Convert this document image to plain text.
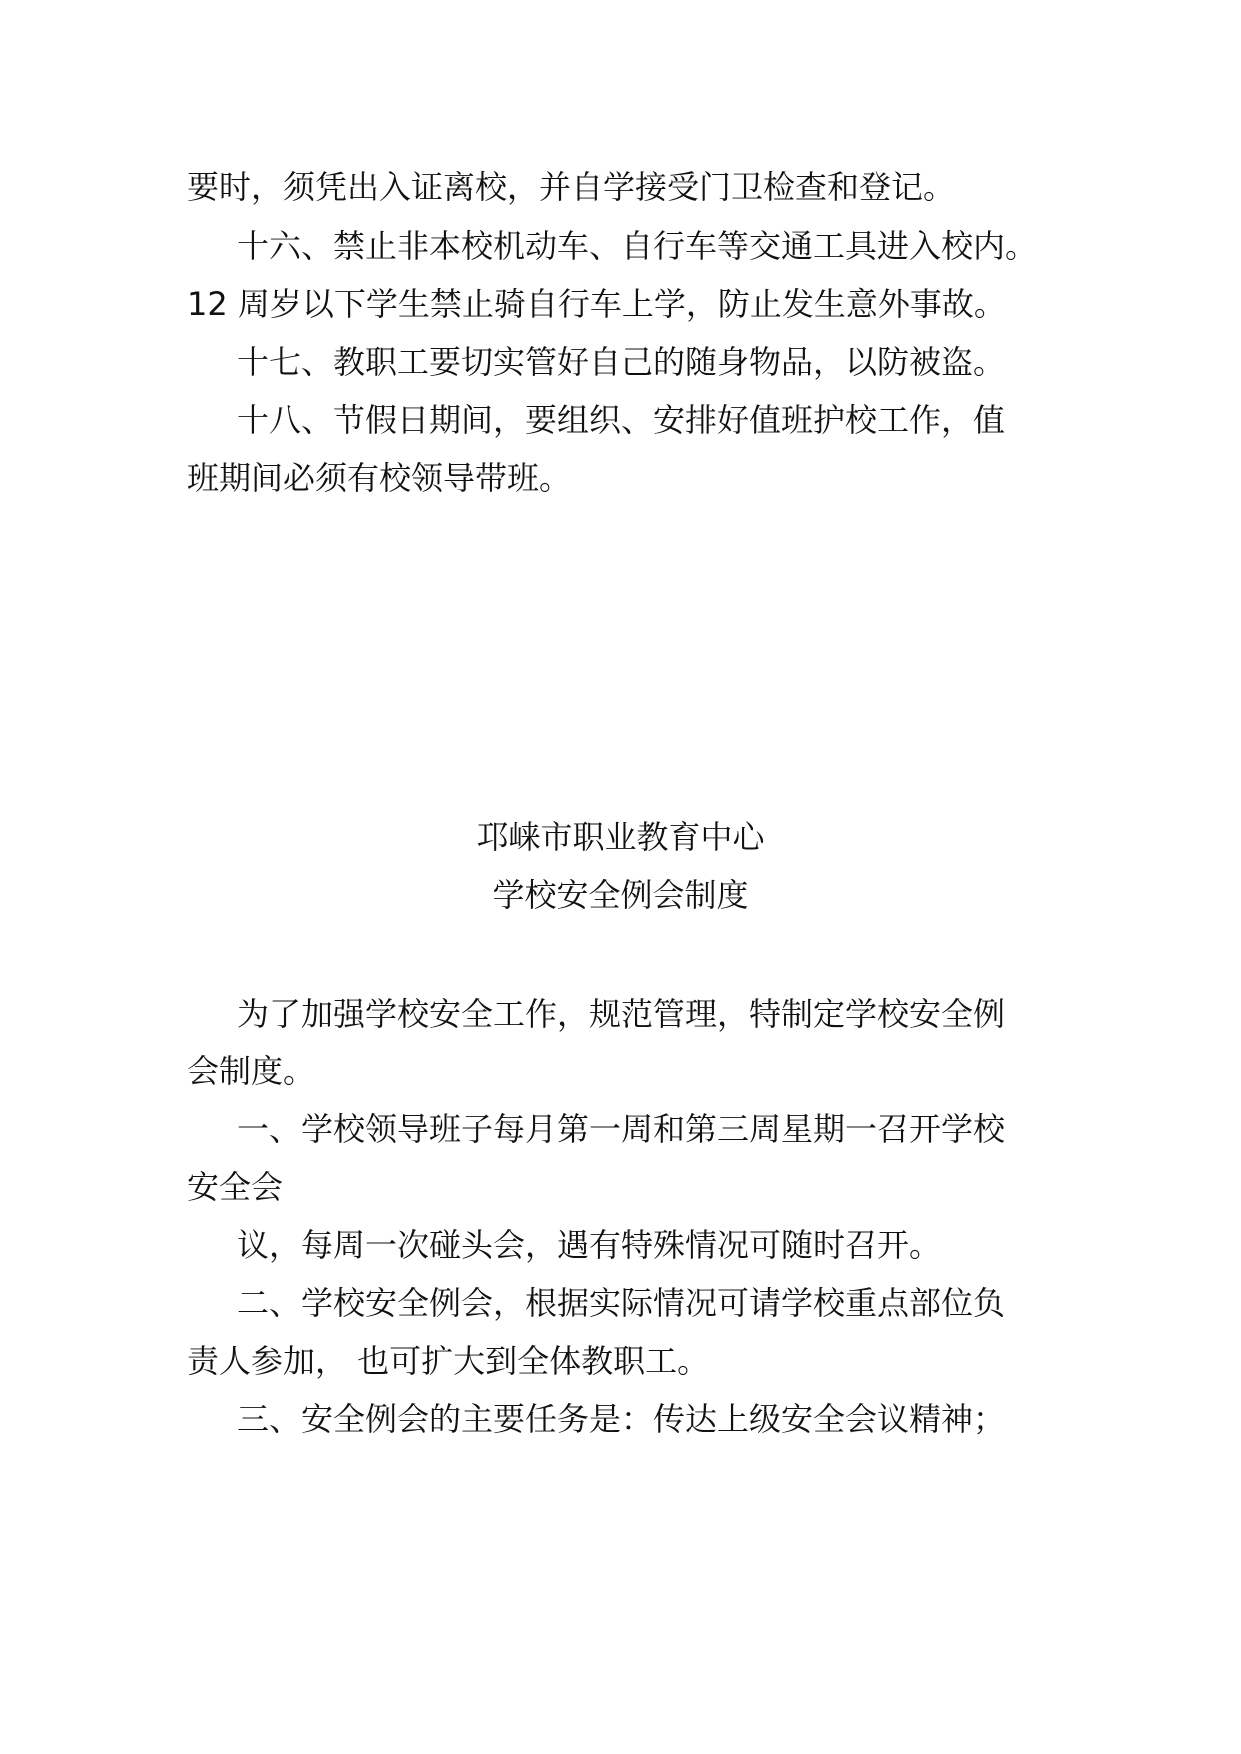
要时，须凭出入证离校，并自学接受门卫检查和登记。
十六、禁止非本校机动车、自行车等交通工具进入校内。
12 周岁以下学生禁止骑自行车上学，防止发生意外事故。
十七、教职工要切实管好自己的随身物品，以防被盗。
十八、节假日期间，要组织、安排好值班护校工作，值
班期间必须有校领导带班。
邛崃市职业教育中心
学校安全例会制度
为了加强学校安全工作，规范管理，特制定学校安全例
会制度。
一、学校领导班子每月第一周和第三周星期一召开学校
安全会
议，每周一次碰头会，遇有特殊情况可随时召开。
二、学校安全例会，根据实际情况可请学校重点部位负
责人参加， 也可扩大到全体教职工。
三、安全例会的主要任务是：传达上级安全会议精神；
